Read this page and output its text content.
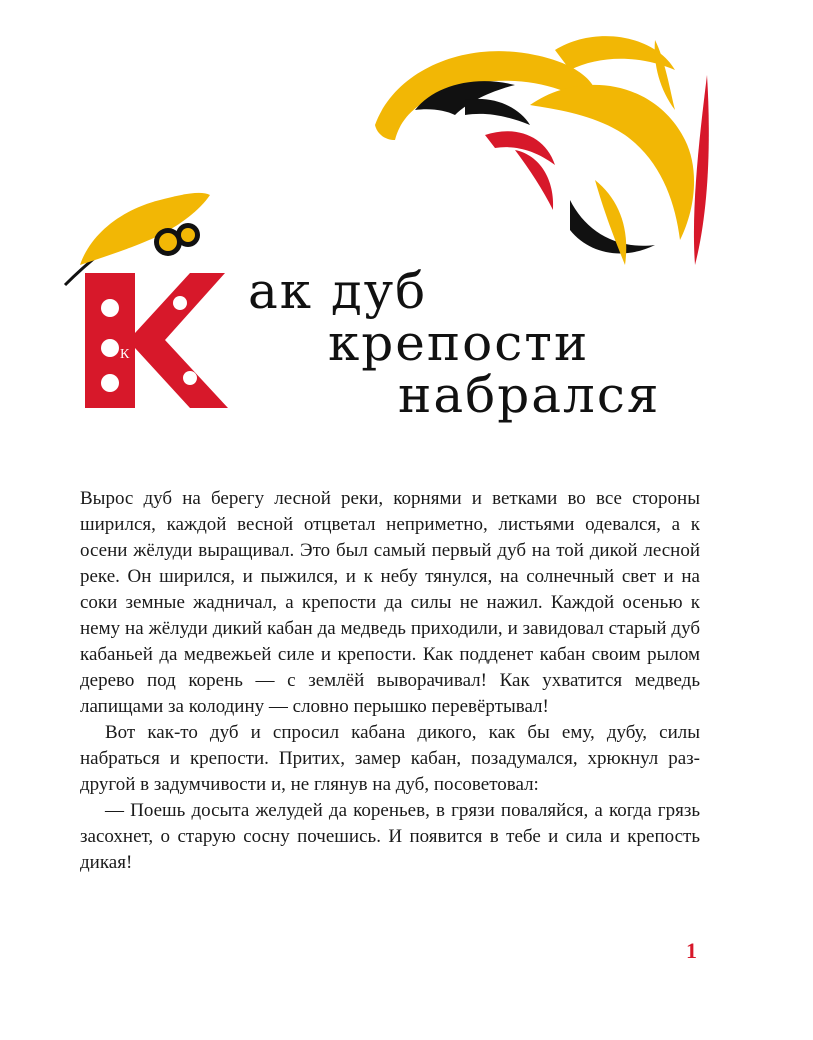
К
ак дуб
крепости
набрался

Вырос дуб на берегу лесной реки, корнями и ветками во все стороны ширился, каждой весной отцветал неприметно, листьями одевался, а к осени жёлуди выращивал. Это был самый первый дуб на той дикой лесной реке. Он ширился, и пыжился, и к небу тянулся, на солнечный свет и на соки земные жадничал, а крепости да силы не нажил. Каждой осенью к нему на жёлуди дикий кабан да медведь приходили, и завидовал старый дуб кабаньей да медвежьей силе и крепости. Как подденет кабан своим рылом дерево под корень — с землёй выворачивал! Как ухватится медведь лапищами за колодину — словно перышко перевёртывал!

Вот как-то дуб и спросил кабана дикого, как бы ему, дубу, силы набраться и крепости. Притих, замер кабан, позадумался, хрюкнул раз-другой в задумчивости и, не глянув на дуб, посоветовал:

— Поешь досыта желудей да кореньев, в грязи поваляйся, а когда грязь засохнет, о старую сосну почешись. И появится в тебе и сила и крепость дикая!

1
